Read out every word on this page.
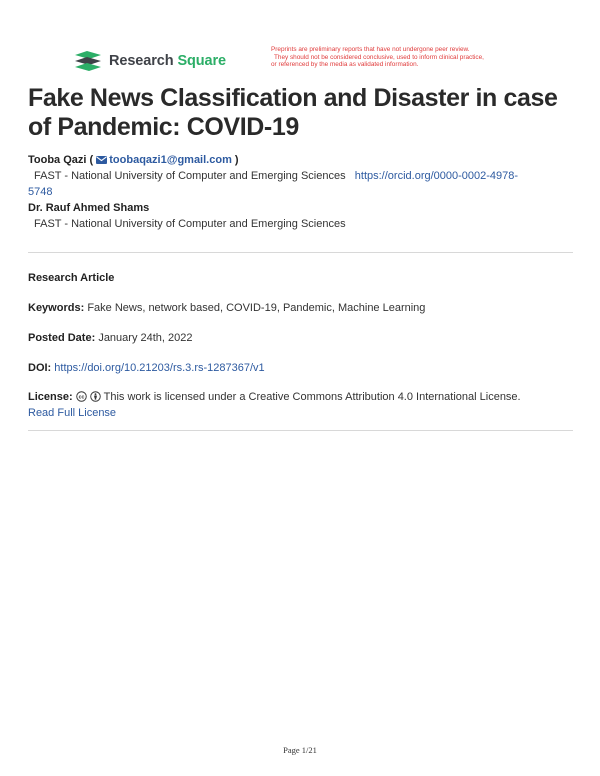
Research Square
Preprints are preliminary reports that have not undergone peer review.
They should not be considered conclusive, used to inform clinical practice,
or referenced by the media as validated information.
Fake News Classification and Disaster in case of Pandemic: COVID-19
Tooba Qazi ( toobaqazi1@gmail.com )
FAST - National University of Computer and Emerging Sciences https://orcid.org/0000-0002-4978-
5748
Dr. Rauf Ahmed Shams
FAST - National University of Computer and Emerging Sciences
Research Article
Keywords: Fake News, network based, COVID-19, Pandemic, Machine Learning
Posted Date: January 24th, 2022
DOI: https://doi.org/10.21203/rs.3.rs-1287367/v1
License: cc This work is licensed under a Creative Commons Attribution 4.0 International License.
Read Full License
Page 1/21
